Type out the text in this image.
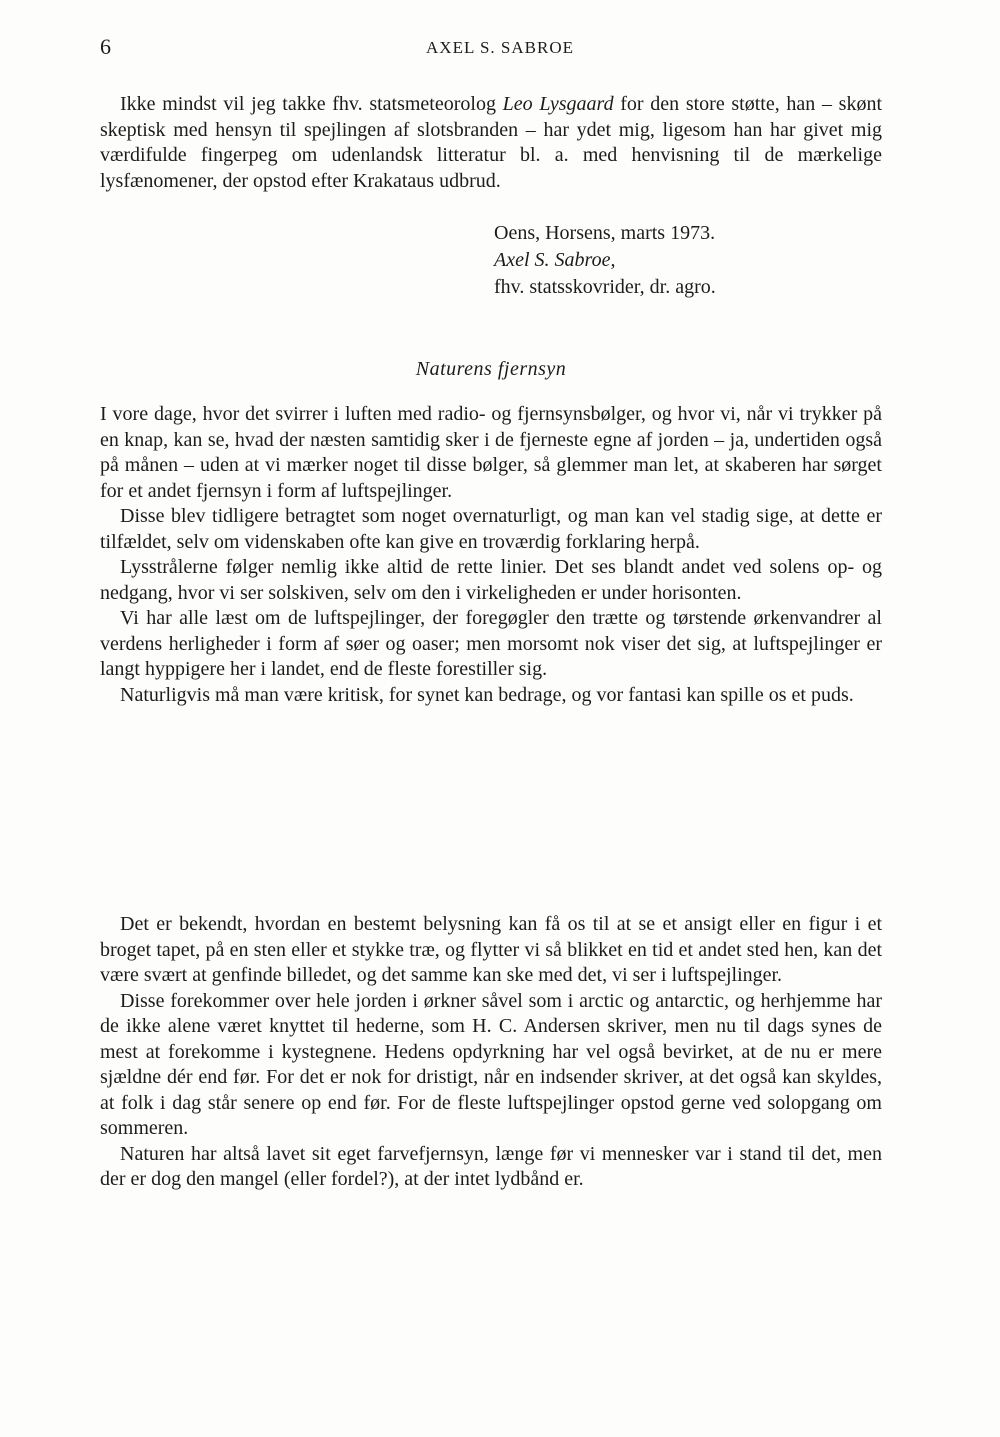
6	AXEL S. SABROE

Ikke mindst vil jeg takke fhv. statsmeteorolog Leo Lysgaard for den store støtte, han – skønt skeptisk med hensyn til spejlingen af slotsbranden – har ydet mig, ligesom han har givet mig værdifulde fingerpeg om udenlandsk litteratur bl. a. med henvisning til de mærkelige lysfænomener, der opstod efter Krakataus udbrud.

Oens, Horsens, marts 1973.
Axel S. Sabroe,
fhv. statsskovrider, dr. agro.
Naturens fjernsyn

I vore dage, hvor det svirrer i luften med radio- og fjernsynsbølger, og hvor vi, når vi trykker på en knap, kan se, hvad der næsten samtidig sker i de fjerneste egne af jorden – ja, undertiden også på månen – uden at vi mærker noget til disse bølger, så glemmer man let, at skaberen har sørget for et andet fjernsyn i form af luftspejlinger.

Disse blev tidligere betragtet som noget overnaturligt, og man kan vel stadig sige, at dette er tilfældet, selv om videnskaben ofte kan give en troværdig forklaring herpå.

Lysstrålerne følger nemlig ikke altid de rette linier. Det ses blandt andet ved solens op- og nedgang, hvor vi ser solskiven, selv om den i virkeligheden er under horisonten.

Vi har alle læst om de luftspejlinger, der foregøgler den trætte og tørstende ørkenvandrer al verdens herligheder i form af søer og oaser; men morsomt nok viser det sig, at luftspejlinger er langt hyppigere her i landet, end de fleste forestiller sig.

Naturligvis må man være kritisk, for synet kan bedrage, og vor fantasi kan spille os et puds.

Det er bekendt, hvordan en bestemt belysning kan få os til at se et ansigt eller en figur i et broget tapet, på en sten eller et stykke træ, og flytter vi så blikket en tid et andet sted hen, kan det være svært at genfinde billedet, og det samme kan ske med det, vi ser i luftspejlinger.

Disse forekommer over hele jorden i ørkner såvel som i arctic og antarctic, og herhjemme har de ikke alene været knyttet til hederne, som H. C. Andersen skriver, men nu til dags synes de mest at forekomme i kystegnene. Hedens opdyrkning har vel også bevirket, at de nu er mere sjældne dér end før. For det er nok for dristigt, når en indsender skriver, at det også kan skyldes, at folk i dag står senere op end før. For de fleste luftspejlinger opstod gerne ved solopgang om sommeren.

Naturen har altså lavet sit eget farvefjernsyn, længe før vi mennesker var i stand til det, men der er dog den mangel (eller fordel?), at der intet lydbånd er.
